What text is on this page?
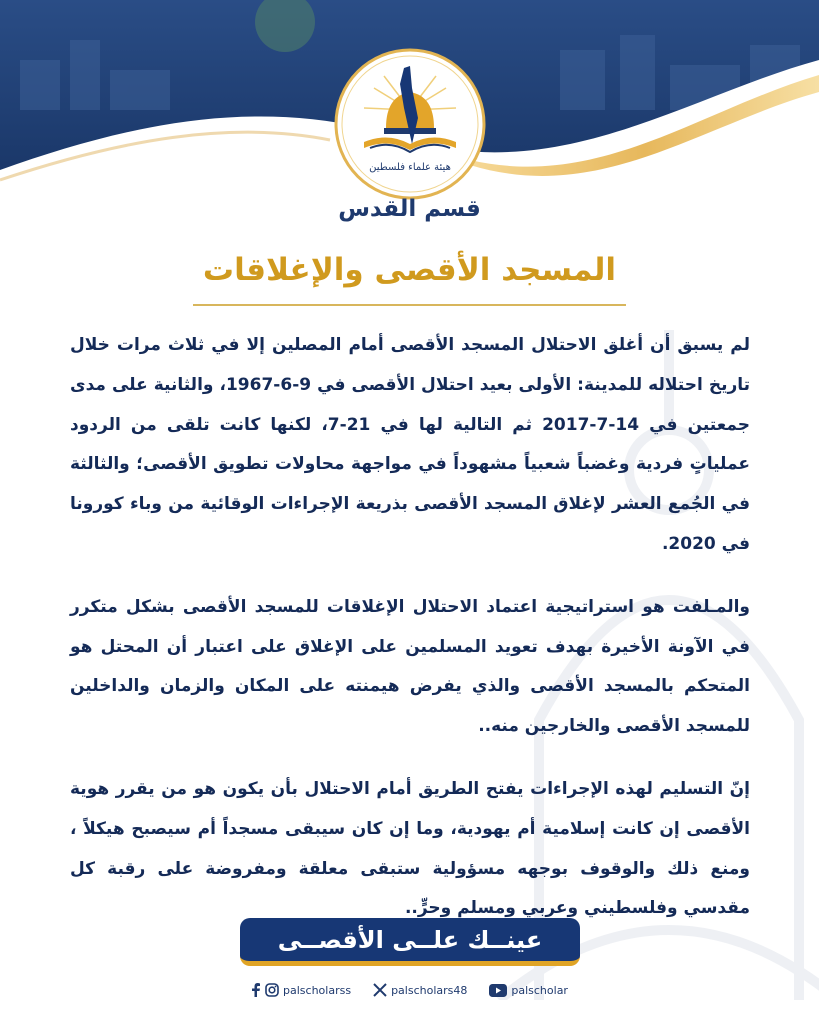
هيئة علماء فلسطين
قسم القدس
المسجد الأقصى والإغلاقات

لم يسبق أن أغلق الاحتلال المسجد الأقصى أمام المصلين إلا في ثلاث مرات خلال تاريخ احتلاله للمدينة: الأولى بعيد احتلال الأقصى في 9-6-1967، والثانية على مدى جمعتين في 14-7-2017 ثم التالية لها في 21-7، لكنها كانت تلقى من الردود عملياتٍ فردية وغضباً شعبياً مشهوداً في مواجهة محاولات تطويق الأقصى؛ والثالثة في الجُمع العشر لإغلاق المسجد الأقصى بذريعة الإجراءات الوقائية من وباء كورونا في 2020.

والمـلفت هو استراتيجية اعتماد الاحتلال الإغلاقات للمسجد الأقصى بشكل متكرر في الآونة الأخيرة بهدف تعويد المسلمين على الإغلاق على اعتبار أن المحتل هو المتحكم بالمسجد الأقصى والذي يفرض هيمنته على المكان والزمان والداخلين للمسجد الأقصى والخارجين منه..

إنّ التسليم لهذه الإجراءات يفتح الطريق أمام الاحتلال بأن يكون هو من يقرر هوية الأقصى إن كانت إسلامية أم يهودية، وما إن كان سيبقى مسجداً أم سيصبح هيكلاً ، ومنع ذلك والوقوف بوجهه مسؤولية ستبقى معلقة ومفروضة على رقبة كل مقدسي وفلسطيني وعربي ومسلم وحرٍّ..

عينــك علــى الأقصــى
palscholarss	palscholars48	palscholar
